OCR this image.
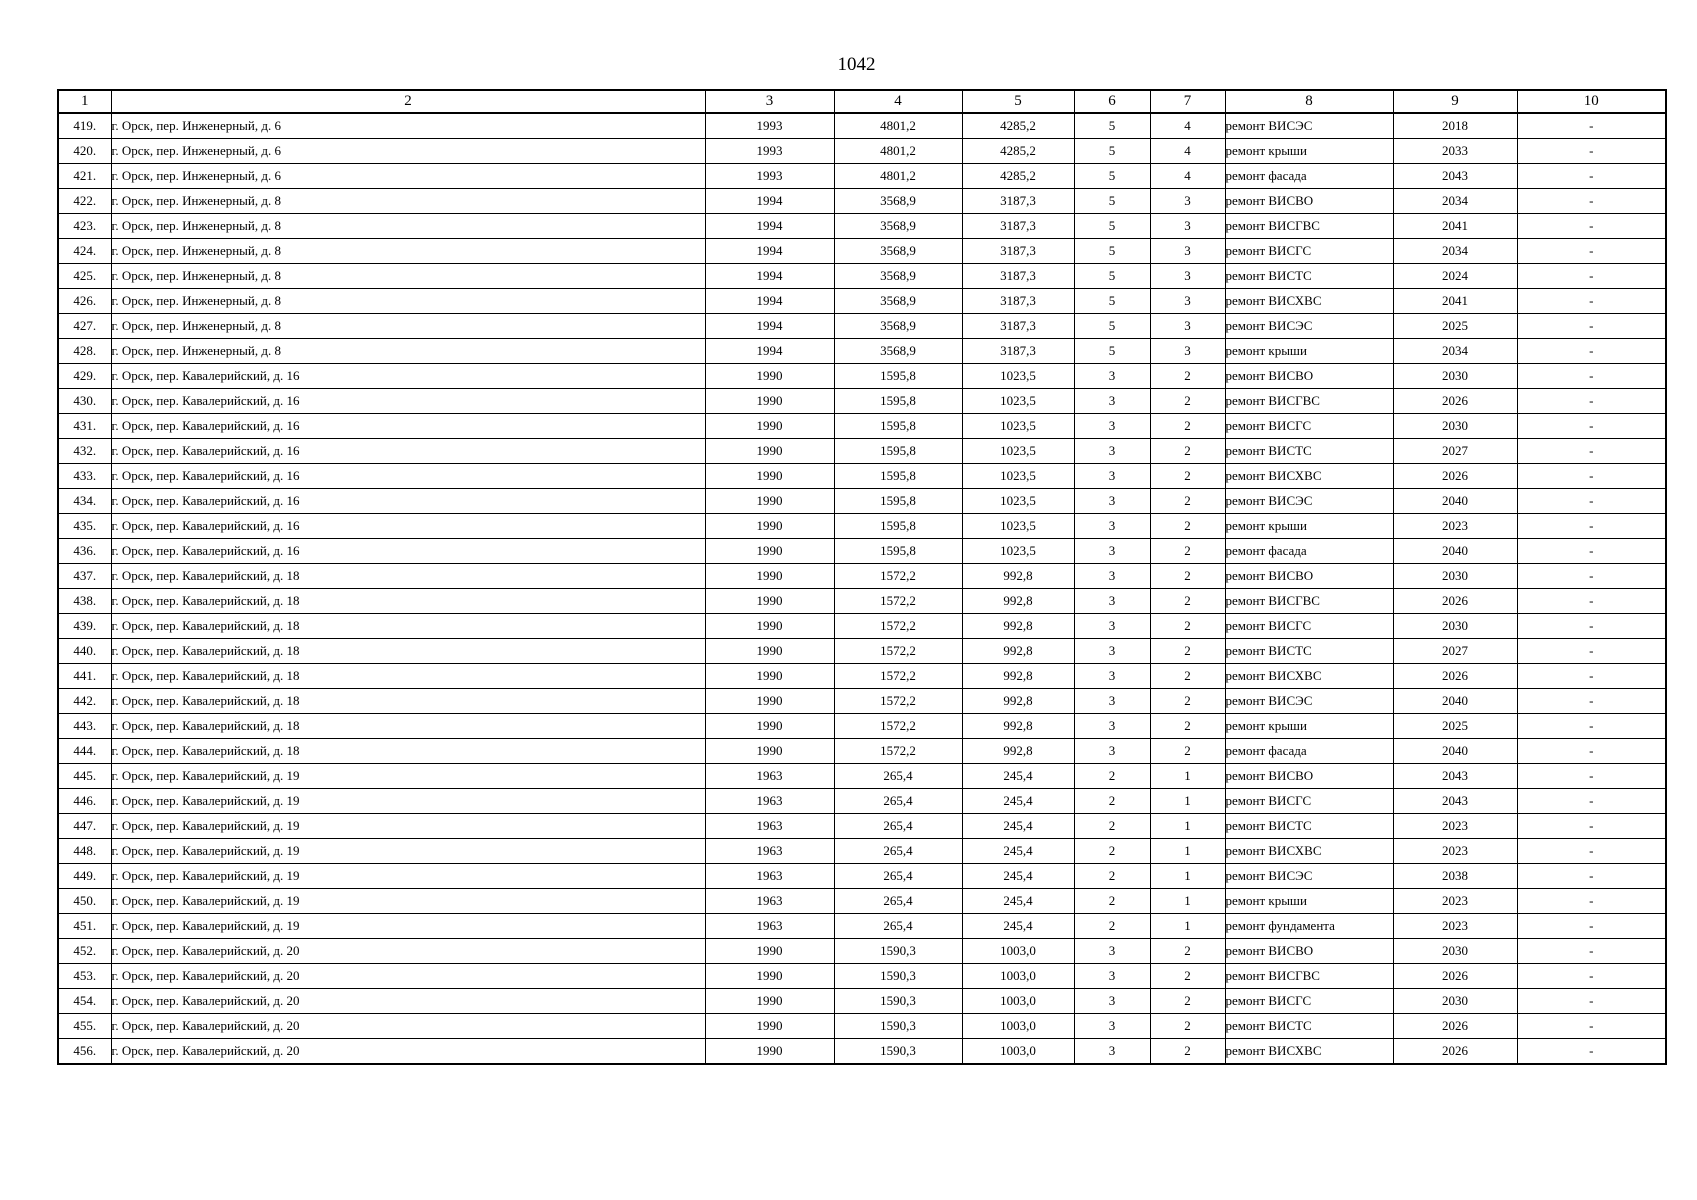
1042
1	2	3	4	5	6	7	8	9	10
419.	г. Орск, пер. Инженерный, д. 6	1993	4801,2	4285,2	5	4	ремонт ВИСЭС	2018	-
420.	г. Орск, пер. Инженерный, д. 6	1993	4801,2	4285,2	5	4	ремонт крыши	2033	-
421.	г. Орск, пер. Инженерный, д. 6	1993	4801,2	4285,2	5	4	ремонт фасада	2043	-
422.	г. Орск, пер. Инженерный, д. 8	1994	3568,9	3187,3	5	3	ремонт ВИСВО	2034	-
423.	г. Орск, пер. Инженерный, д. 8	1994	3568,9	3187,3	5	3	ремонт ВИСГВС	2041	-
424.	г. Орск, пер. Инженерный, д. 8	1994	3568,9	3187,3	5	3	ремонт ВИСГС	2034	-
425.	г. Орск, пер. Инженерный, д. 8	1994	3568,9	3187,3	5	3	ремонт ВИСТС	2024	-
426.	г. Орск, пер. Инженерный, д. 8	1994	3568,9	3187,3	5	3	ремонт ВИСХВС	2041	-
427.	г. Орск, пер. Инженерный, д. 8	1994	3568,9	3187,3	5	3	ремонт ВИСЭС	2025	-
428.	г. Орск, пер. Инженерный, д. 8	1994	3568,9	3187,3	5	3	ремонт крыши	2034	-
429.	г. Орск, пер. Кавалерийский, д. 16	1990	1595,8	1023,5	3	2	ремонт ВИСВО	2030	-
430.	г. Орск, пер. Кавалерийский, д. 16	1990	1595,8	1023,5	3	2	ремонт ВИСГВС	2026	-
431.	г. Орск, пер. Кавалерийский, д. 16	1990	1595,8	1023,5	3	2	ремонт ВИСГС	2030	-
432.	г. Орск, пер. Кавалерийский, д. 16	1990	1595,8	1023,5	3	2	ремонт ВИСТС	2027	-
433.	г. Орск, пер. Кавалерийский, д. 16	1990	1595,8	1023,5	3	2	ремонт ВИСХВС	2026	-
434.	г. Орск, пер. Кавалерийский, д. 16	1990	1595,8	1023,5	3	2	ремонт ВИСЭС	2040	-
435.	г. Орск, пер. Кавалерийский, д. 16	1990	1595,8	1023,5	3	2	ремонт крыши	2023	-
436.	г. Орск, пер. Кавалерийский, д. 16	1990	1595,8	1023,5	3	2	ремонт фасада	2040	-
437.	г. Орск, пер. Кавалерийский, д. 18	1990	1572,2	992,8	3	2	ремонт ВИСВО	2030	-
438.	г. Орск, пер. Кавалерийский, д. 18	1990	1572,2	992,8	3	2	ремонт ВИСГВС	2026	-
439.	г. Орск, пер. Кавалерийский, д. 18	1990	1572,2	992,8	3	2	ремонт ВИСГС	2030	-
440.	г. Орск, пер. Кавалерийский, д. 18	1990	1572,2	992,8	3	2	ремонт ВИСТС	2027	-
441.	г. Орск, пер. Кавалерийский, д. 18	1990	1572,2	992,8	3	2	ремонт ВИСХВС	2026	-
442.	г. Орск, пер. Кавалерийский, д. 18	1990	1572,2	992,8	3	2	ремонт ВИСЭС	2040	-
443.	г. Орск, пер. Кавалерийский, д. 18	1990	1572,2	992,8	3	2	ремонт крыши	2025	-
444.	г. Орск, пер. Кавалерийский, д. 18	1990	1572,2	992,8	3	2	ремонт фасада	2040	-
445.	г. Орск, пер. Кавалерийский, д. 19	1963	265,4	245,4	2	1	ремонт ВИСВО	2043	-
446.	г. Орск, пер. Кавалерийский, д. 19	1963	265,4	245,4	2	1	ремонт ВИСГС	2043	-
447.	г. Орск, пер. Кавалерийский, д. 19	1963	265,4	245,4	2	1	ремонт ВИСТС	2023	-
448.	г. Орск, пер. Кавалерийский, д. 19	1963	265,4	245,4	2	1	ремонт ВИСХВС	2023	-
449.	г. Орск, пер. Кавалерийский, д. 19	1963	265,4	245,4	2	1	ремонт ВИСЭС	2038	-
450.	г. Орск, пер. Кавалерийский, д. 19	1963	265,4	245,4	2	1	ремонт крыши	2023	-
451.	г. Орск, пер. Кавалерийский, д. 19	1963	265,4	245,4	2	1	ремонт фундамента	2023	-
452.	г. Орск, пер. Кавалерийский, д. 20	1990	1590,3	1003,0	3	2	ремонт ВИСВО	2030	-
453.	г. Орск, пер. Кавалерийский, д. 20	1990	1590,3	1003,0	3	2	ремонт ВИСГВС	2026	-
454.	г. Орск, пер. Кавалерийский, д. 20	1990	1590,3	1003,0	3	2	ремонт ВИСГС	2030	-
455.	г. Орск, пер. Кавалерийский, д. 20	1990	1590,3	1003,0	3	2	ремонт ВИСТС	2026	-
456.	г. Орск, пер. Кавалерийский, д. 20	1990	1590,3	1003,0	3	2	ремонт ВИСХВС	2026	-
